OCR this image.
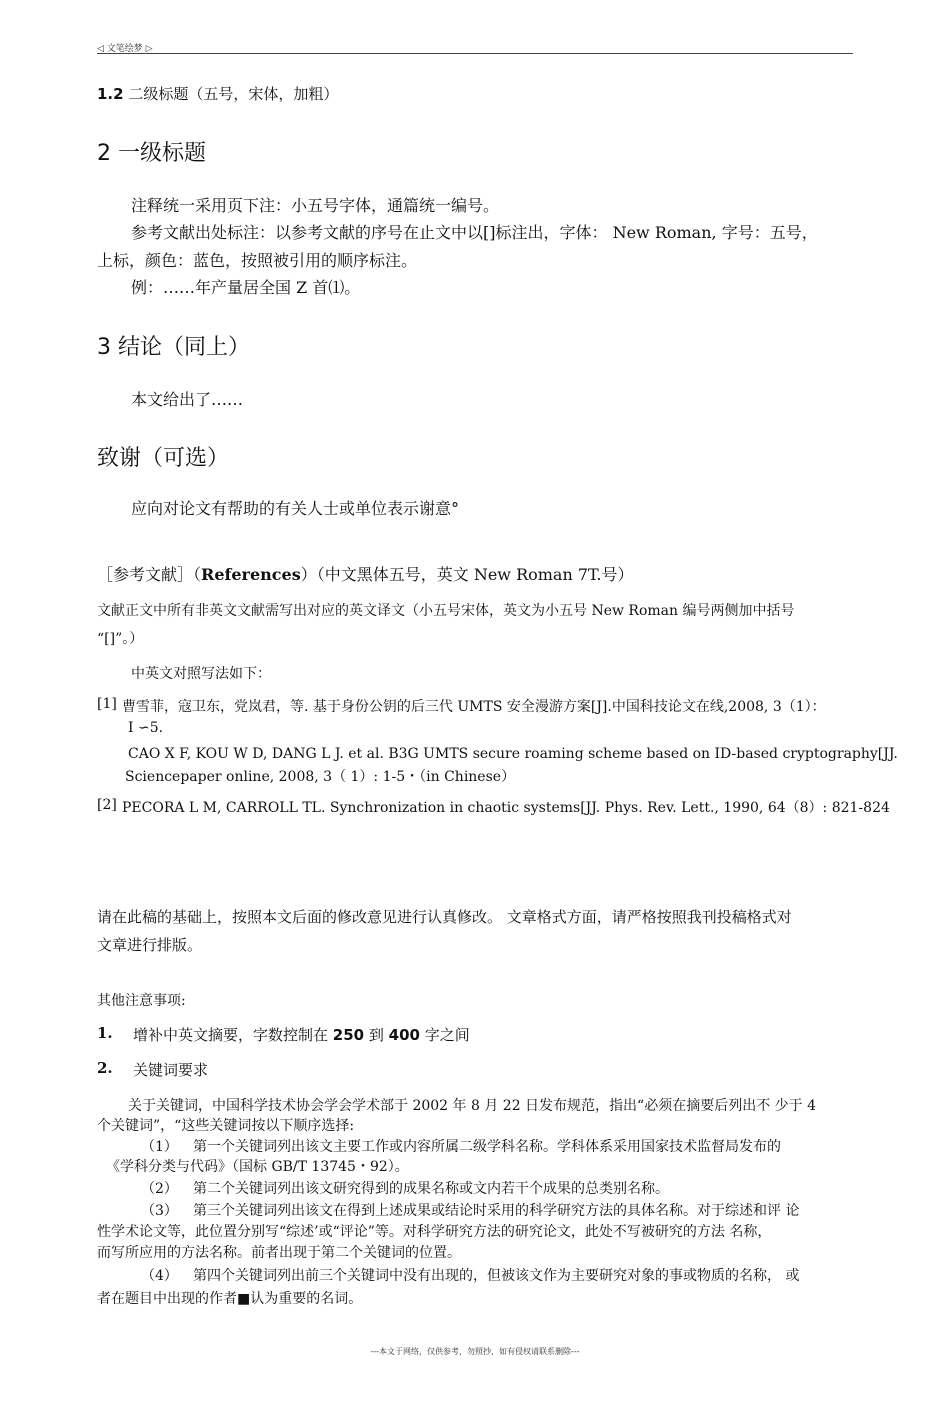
◁ 文笔绘梦 ▷
1.2 二级标题（五号，宋体，加粗）
2 一级标题
注释统一采用页下注：小五号字体，通篇统一编号。
参考文献出处标注：以参考文献的序号在止文中以[]标注出，字体： New Roman, 字号：五号，
上标，颜色：蓝色，按照被引用的顺序标注。
例：……年产量居全国 Z 首⑴。
3 结论（同上）
本文给出了……
致谢（可选）
应向对论文有帮助的有关人士或单位表示谢意°
［参考文献］（References）（中文黑体五号，英文 New Roman 7T.号）
文献正文中所有非英文文献需写出对应的英文译文（小五号宋体，英文为小五号 New Roman 编号两侧加中括号
“[]”。）
中英文对照写法如下：
[1] 曹雪菲，寇卫东，党岚君，等. 基于身份公钥的后三代 UMTS 安全漫游方案[J].中国科技论文在线,2008, 3（1）：
I ∽5.
CAO X F, KOU W D, DANG L J. et al. B3G UMTS secure roaming scheme based on ID-based cryptography[JJ.
Sciencepaper online, 2008, 3（ 1）: 1-5・（in Chinese）
[2] PECORA L M, CARROLL TL. Synchronization in chaotic systems[JJ. Phys. Rev. Lett., 1990, 64（8）: 821-824
请在此稿的基础上，按照本文后面的修改意见进行认真修改。 文章格式方面，请严格按照我刊投稿格式对
文章进行排版。
其他注意事项:
1. 增补中英文摘要，字数控制在 250 到 400 字之间
2. 关键词要求
关于关键词，中国科学技术协会学会学术部于 2002 年 8 月 22 日发布规范，指出“必须在摘要后列出不 少于 4
个关键词”，“这些关键词按以下顺序选择:
（1） 第一个关键词列出该文主要工作或内容所属二级学科名称。学科体系采用国家技术监督局发布的
《学科分类与代码》（国标 GB/T 13745・92）。
（2） 第二个关键词列出该文研究得到的成果名称或文内若干个成果的总类别名称。
（3） 第三个关键词列出该文在得到上述成果或结论时采用的科学研究方法的具体名称。对于综述和评 论
性学术论文等，此位置分别写“综述’或“评论”等。对科学研究方法的研究论文，此处不写被研究的方法 名称，
而写所应用的方法名称。前者出现于第二个关键词的位置。
（4） 第四个关键词列出前三个关键词中没有出现的，但被该文作为主要研究对象的事或物质的名称， 或
者在题目中出现的作者■认为重要的名词。
---本文于网络，仅供参考，勿照抄，如有侵权请联系删除---
